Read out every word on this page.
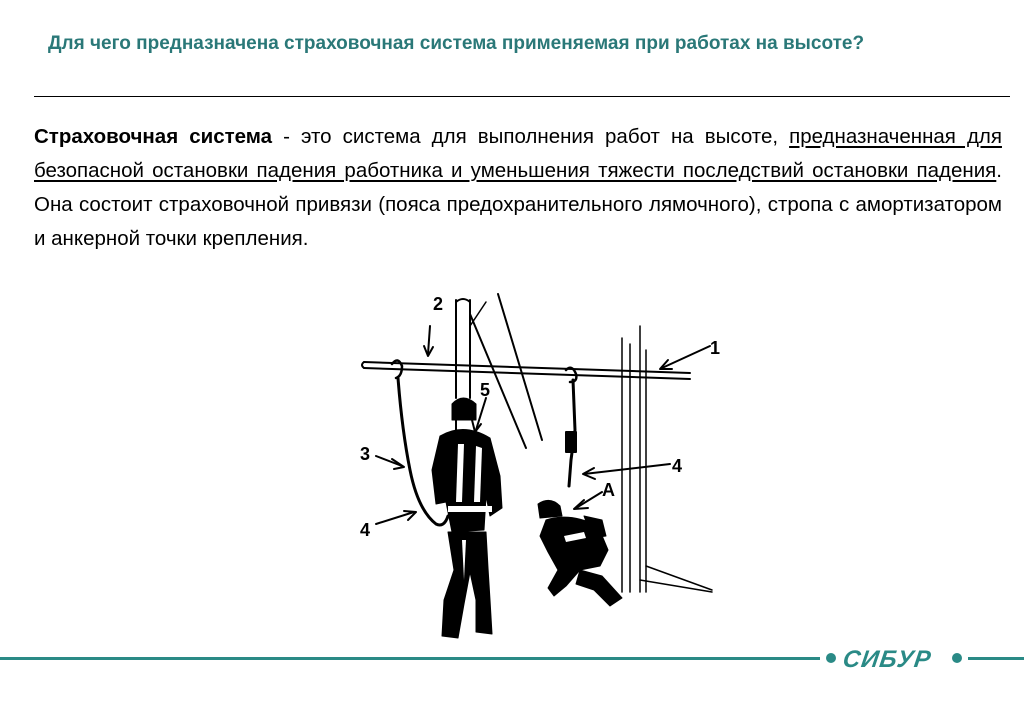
Для чего предназначена страховочная система применяемая при работах на высоте?

Страховочная система - это система для выполнения работ на высоте, предназначенная для безопасной остановки падения работника и уменьшения тяжести последствий остановки падения. Она состоит страховочной привязи (пояса предохранительного лямочного), стропа с амортизатором и анкерной точки крепления.

2
1
5
3
4
4
А
СИБУР
